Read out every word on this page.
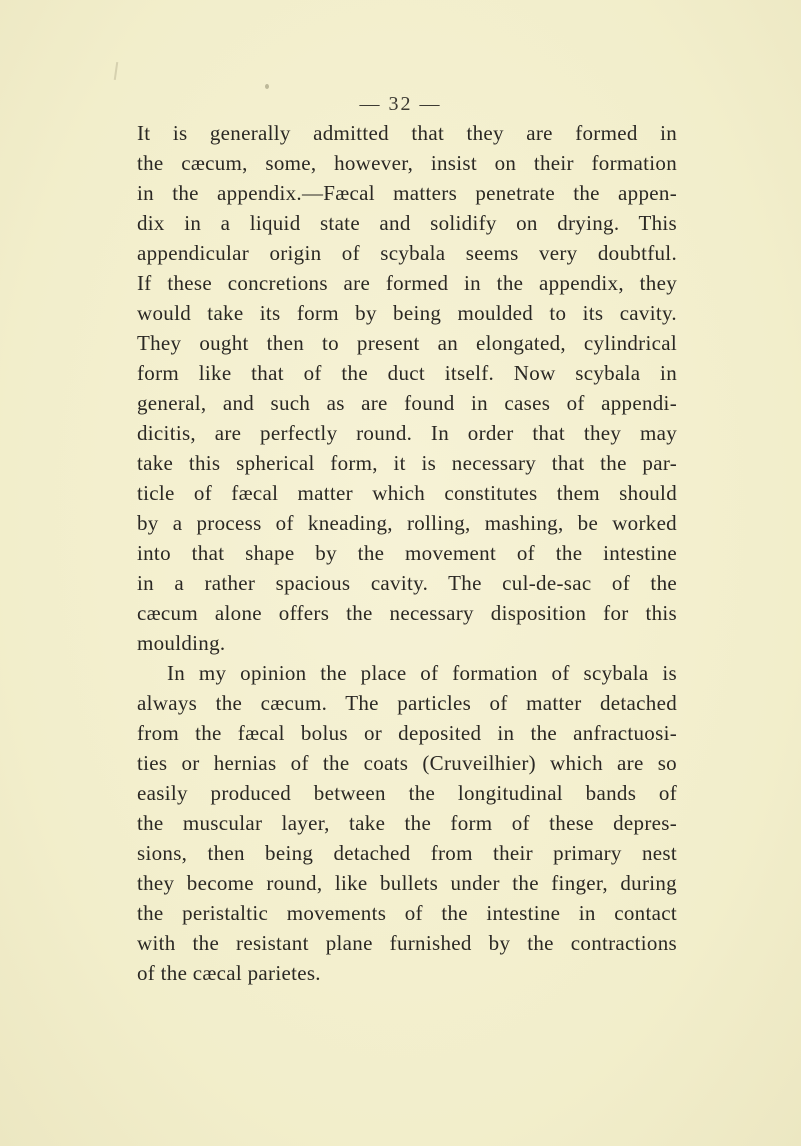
— 32 —
It is generally admitted that they are formed in
the cæcum, some, however, insist on their formation
in the appendix.—Fæcal matters penetrate the appen-
dix in a liquid state and solidify on drying. This
appendicular origin of scybala seems very doubtful.
If these concretions are formed in the appendix, they
would take its form by being moulded to its cavity.
They ought then to present an elongated, cylindrical
form like that of the duct itself. Now scybala in
general, and such as are found in cases of appendi-
dicitis, are perfectly round. In order that they may
take this spherical form, it is necessary that the par-
ticle of fæcal matter which constitutes them should
by a process of kneading, rolling, mashing, be worked
into that shape by the movement of the intestine
in a rather spacious cavity. The cul-de-sac of the
cæcum alone offers the necessary disposition for this
moulding.
In my opinion the place of formation of scybala is
always the cæcum. The particles of matter detached
from the fæcal bolus or deposited in the anfractuosi-
ties or hernias of the coats (Cruveilhier) which are so
easily produced between the longitudinal bands of
the muscular layer, take the form of these depres-
sions, then being detached from their primary nest
they become round, like bullets under the finger, during
the peristaltic movements of the intestine in contact
with the resistant plane furnished by the contractions
of the cæcal parietes.
